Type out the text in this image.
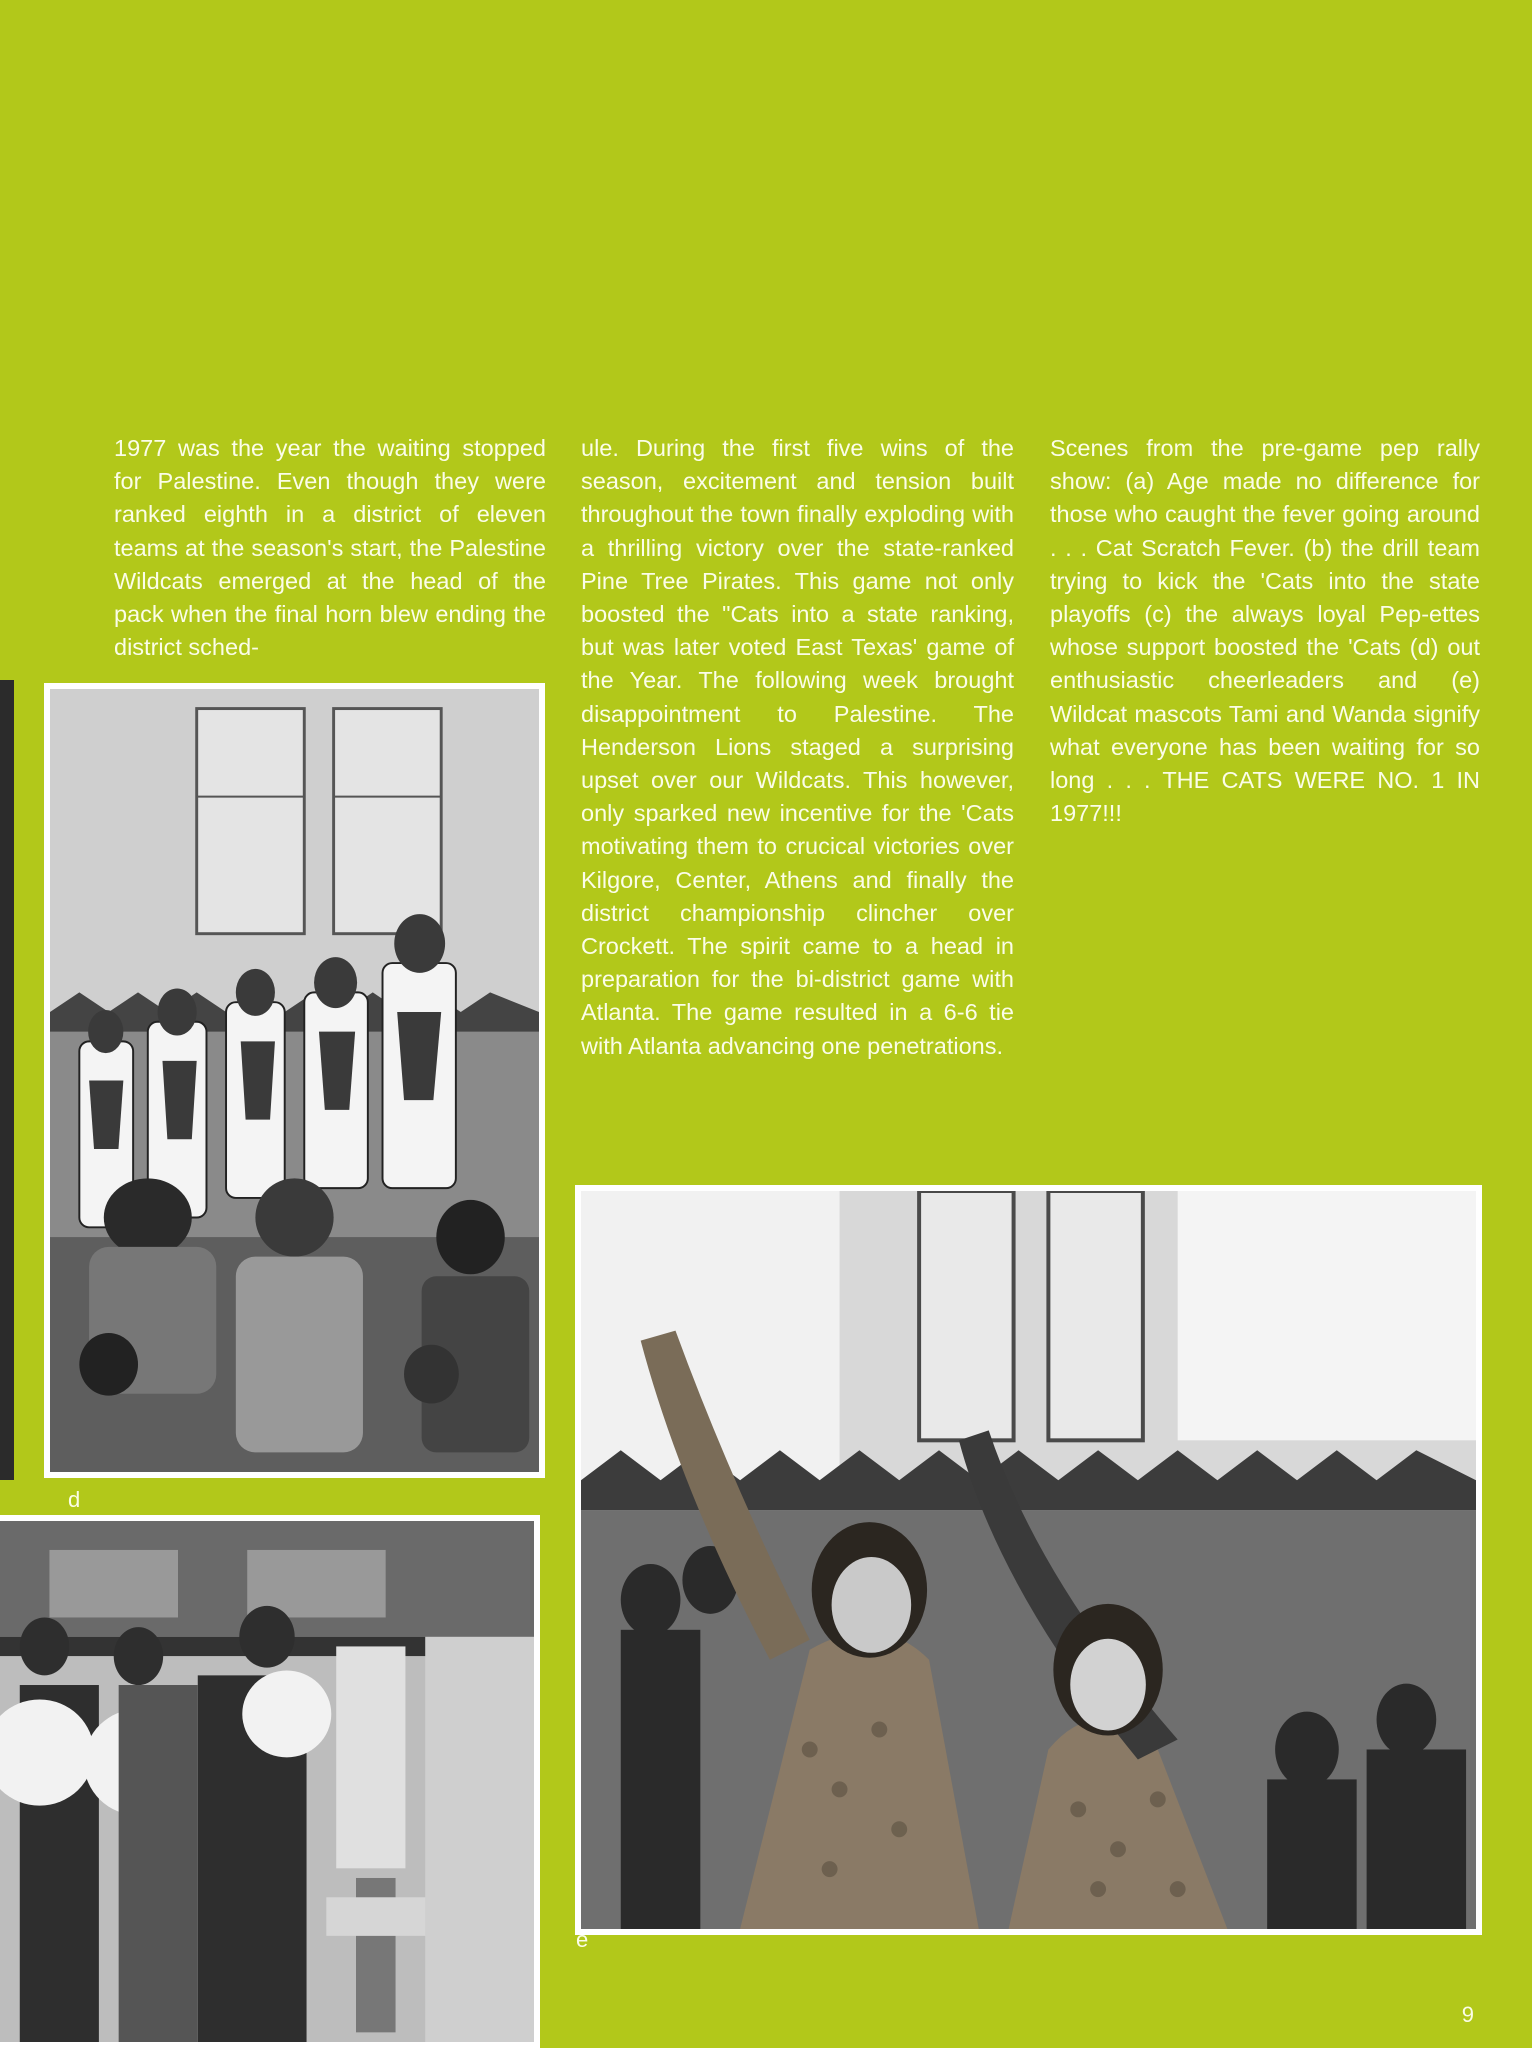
1977 was the year the waiting stopped for Palestine. Even though they were ranked eighth in a district of eleven teams at the season's start, the Palestine Wildcats emerged at the head of the pack when the final horn blew ending the district sched-

ule. During the first five wins of the season, excitement and tension built throughout the town finally exploding with a thrilling victory over the state-ranked Pine Tree Pirates. This game not only boosted the "Cats into a state ranking, but was later voted East Texas' game of the Year. The following week brought disappointment to Palestine. The Henderson Lions staged a surprising upset over our Wildcats. This however, only sparked new incentive for the 'Cats motivating them to crucical victories over Kilgore, Center, Athens and finally the district championship clincher over Crockett. The spirit came to a head in preparation for the bi-district game with Atlanta. The game resulted in a 6-6 tie with Atlanta advancing one penetrations.

Scenes from the pre-game pep rally show: (a) Age made no difference for those who caught the fever going around . . . Cat Scratch Fever. (b) the drill team trying to kick the 'Cats into the state playoffs (c) the always loyal Pep-ettes whose support boosted the 'Cats (d) out enthusiastic cheerleaders and (e) Wildcat mascots Tami and Wanda signify what everyone has been waiting for so long . . . THE CATS WERE NO. 1 IN 1977!!!

d
e
9
